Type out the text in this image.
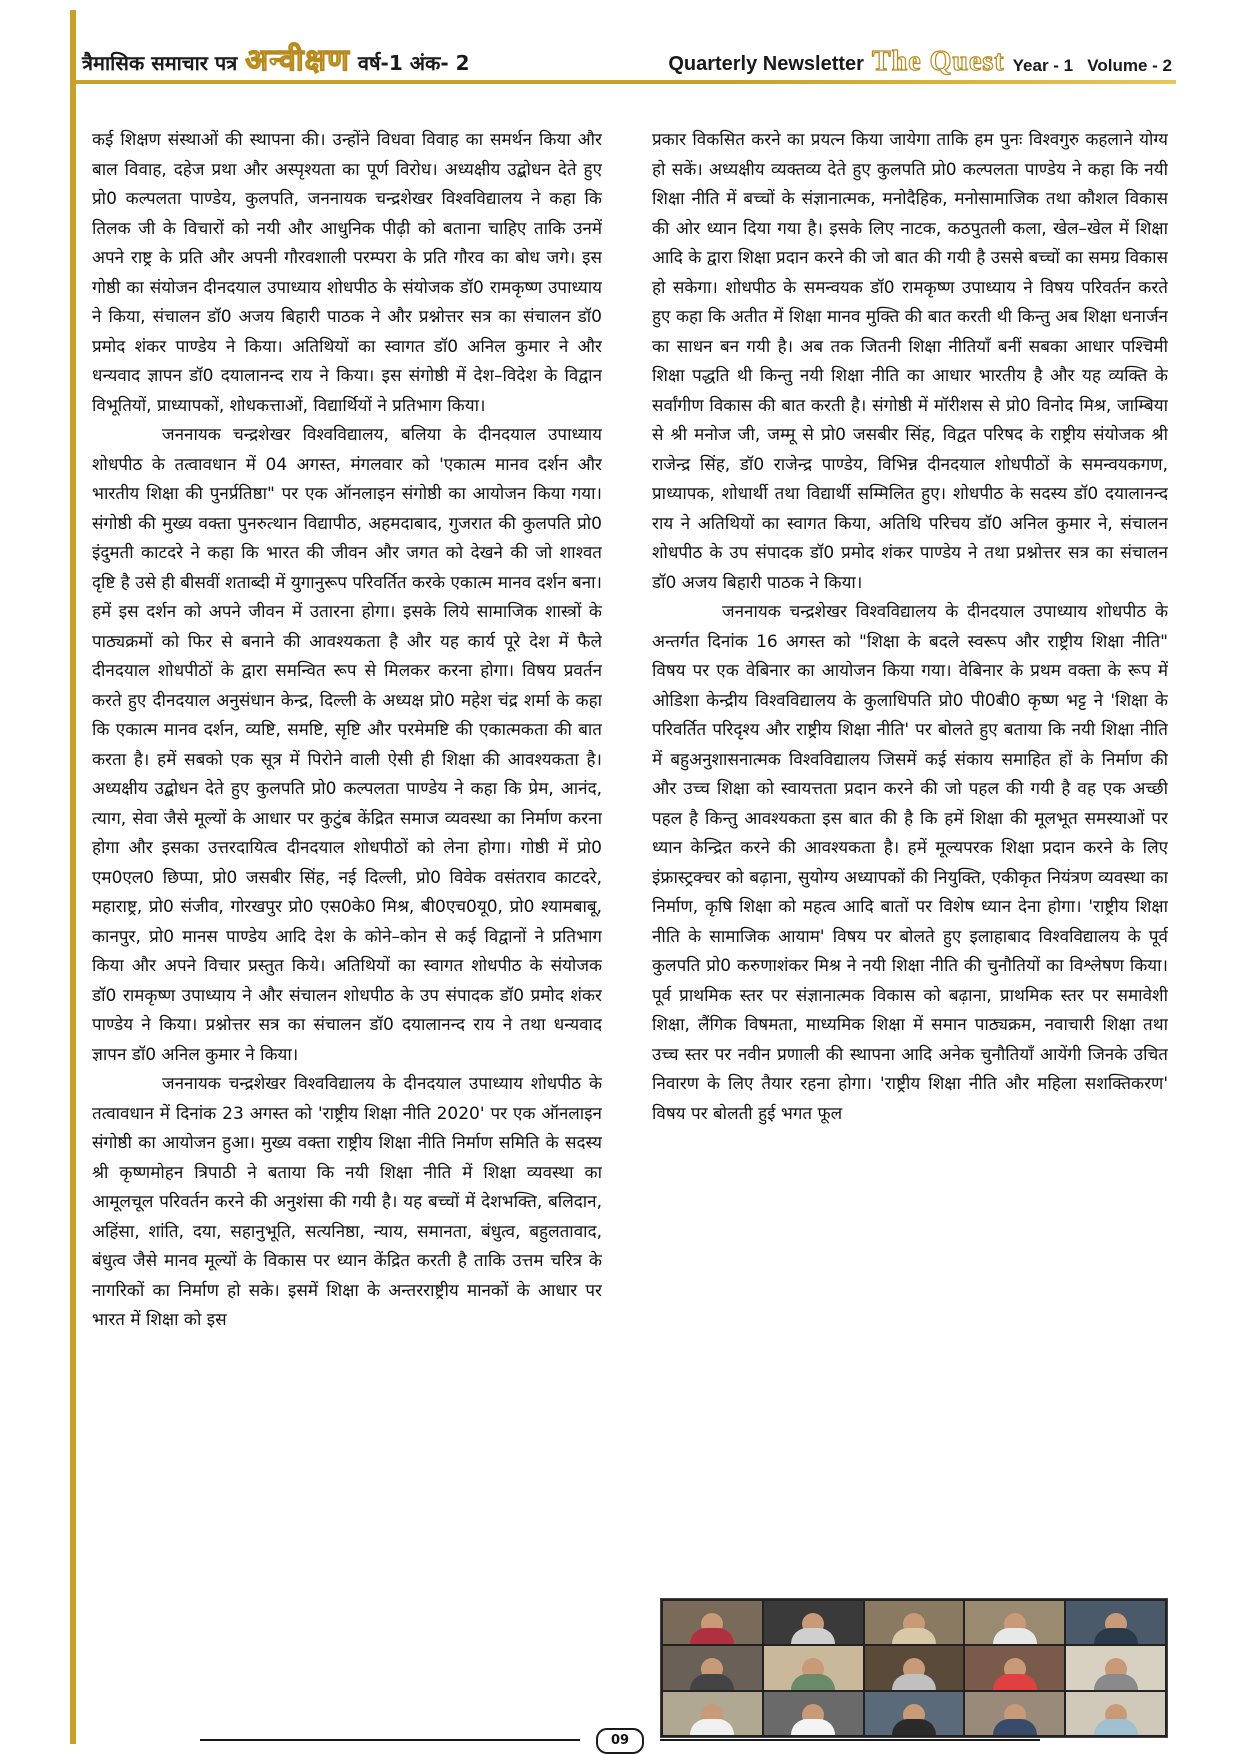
त्रैमासिक समाचार पत्र अन्वीक्षण वर्ष-1 अंक- 2	Quarterly Newsletter The Quest Year - 1   Volume - 2

कई शिक्षण संस्थाओं की स्थापना की। उन्होंने विधवा विवाह का समर्थन किया और बाल विवाह, दहेज प्रथा और अस्पृश्यता का पूर्ण विरोध। अध्यक्षीय उद्बोधन देते हुए प्रो0 कल्पलता पाण्डेय, कुलपति, जननायक चन्द्रशेखर विश्वविद्यालय ने कहा कि तिलक जी के विचारों को नयी और आधुनिक पीढ़ी को बताना चाहिए ताकि उनमें अपने राष्ट्र के प्रति और अपनी गौरवशाली परम्परा के प्रति गौरव का बोध जगे। इस गोष्ठी का संयोजन दीनदयाल उपाध्याय शोधपीठ के संयोजक डॉ0 रामकृष्ण उपाध्याय ने किया, संचालन डॉ0 अजय बिहारी पाठक ने और प्रश्नोत्तर सत्र का संचालन डॉ0 प्रमोद शंकर पाण्डेय ने किया। अतिथियों का स्वागत डॉ0 अनिल कुमार ने और धन्यवाद ज्ञापन डॉ0 दयालानन्द राय ने किया। इस संगोष्ठी में देश–विदेश के विद्वान विभूतियों, प्राध्यापकों, शोधकत्ताओं, विद्यार्थियों ने प्रतिभाग किया।

जननायक चन्द्रशेखर विश्वविद्यालय, बलिया के दीनदयाल उपाध्याय शोधपीठ के तत्वावधान में 04 अगस्त, मंगलवार को 'एकात्म मानव दर्शन और भारतीय शिक्षा की पुनर्प्रतिष्ठा" पर एक ऑनलाइन संगोष्ठी का आयोजन किया गया। संगोष्ठी की मुख्य वक्ता पुनरुत्थान विद्यापीठ, अहमदाबाद, गुजरात की कुलपति प्रो0 इंदुमती काटदरे ने कहा कि भारत की जीवन और जगत को देखने की जो शाश्वत दृष्टि है उसे ही बीसवीं शताब्दी में युगानुरूप परिवर्तित करके एकात्म मानव दर्शन बना। हमें इस दर्शन को अपने जीवन में उतारना होगा। इसके लिये सामाजिक शास्त्रों के पाठ्यक्रमों को फिर से बनाने की आवश्यकता है और यह कार्य पूरे देश में फैले दीनदयाल शोधपीठों के द्वारा समन्वित रूप से मिलकर करना होगा। विषय प्रवर्तन करते हुए दीनदयाल अनुसंधान केन्द्र, दिल्ली के अध्यक्ष प्रो0 महेश चंद्र शर्मा के कहा कि एकात्म मानव दर्शन, व्यष्टि, समष्टि, सृष्टि और परमेमष्टि की एकात्मकता की बात करता है। हमें सबको एक सूत्र में पिरोने वाली ऐसी ही शिक्षा की आवश्यकता है। अध्यक्षीय उद्बोधन देते हुए कुलपति प्रो0 कल्पलता पाण्डेय ने कहा कि प्रेम, आनंद, त्याग, सेवा जैसे मूल्यों के आधार पर कुटुंब केंद्रित समाज व्यवस्था का निर्माण करना होगा और इसका उत्तरदायित्व दीनदयाल शोधपीठों को लेना होगा। गोष्ठी में प्रो0 एम0एल0 छिप्पा, प्रो0 जसबीर सिंह, नई दिल्ली, प्रो0 विवेक वसंतराव काटदरे, महाराष्ट्र, प्रो0 संजीव, गोरखपुर प्रो0 एस0के0 मिश्र, बी0एच0यू0, प्रो0 श्यामबाबू, कानपुर, प्रो0 मानस पाण्डेय आदि देश के कोने–कोन से कई विद्वानों ने प्रतिभाग किया और अपने विचार प्रस्तुत किये। अतिथियों का स्वागत शोधपीठ के संयोजक डॉ0 रामकृष्ण उपाध्याय ने और संचालन शोधपीठ के उप संपादक डॉ0 प्रमोद शंकर पाण्डेय ने किया। प्रश्नोत्तर सत्र का संचालन डॉ0 दयालानन्द राय ने तथा धन्यवाद ज्ञापन डॉ0 अनिल कुमार ने किया।

जननायक चन्द्रशेखर विश्वविद्यालय के दीनदयाल उपाध्याय शोधपीठ के तत्वावधान में दिनांक 23 अगस्त को 'राष्ट्रीय शिक्षा नीति 2020' पर एक ऑनलाइन संगोष्ठी का आयोजन हुआ। मुख्य वक्ता राष्ट्रीय शिक्षा नीति निर्माण समिति के सदस्य श्री कृष्णमोहन त्रिपाठी ने बताया कि नयी शिक्षा नीति में शिक्षा व्यवस्था का आमूलचूल परिवर्तन करने की अनुशंसा की गयी है। यह बच्चों में देशभक्ति, बलिदान, अहिंसा, शांति, दया, सहानुभूति, सत्यनिष्ठा, न्याय, समानता, बंधुत्व, बहुलतावाद, बंधुत्व जैसे मानव मूल्यों के विकास पर ध्यान केंद्रित करती है ताकि उत्तम चरित्र के नागरिकों का निर्माण हो सके। इसमें शिक्षा के अन्तरराष्ट्रीय मानकों के आधार पर भारत में शिक्षा को इस

प्रकार विकसित करने का प्रयत्न किया जायेगा ताकि हम पुनः विश्वगुरु कहलाने योग्य हो सकें। अध्यक्षीय व्यक्तव्य देते हुए कुलपति प्रो0 कल्पलता पाण्डेय ने कहा कि नयी शिक्षा नीति में बच्चों के संज्ञानात्मक, मनोदैहिक, मनोसामाजिक तथा कौशल विकास की ओर ध्यान दिया गया है। इसके लिए नाटक, कठपुतली कला, खेल–खेल में शिक्षा आदि के द्वारा शिक्षा प्रदान करने की जो बात की गयी है उससे बच्चों का समग्र विकास हो सकेगा। शोधपीठ के समन्वयक डॉ0 रामकृष्ण उपाध्याय ने विषय परिवर्तन करते हुए कहा कि अतीत में शिक्षा मानव मुक्ति की बात करती थी किन्तु अब शिक्षा धनार्जन का साधन बन गयी है। अब तक जितनी शिक्षा नीतियाँ बनीं सबका आधार पश्चिमी शिक्षा पद्धति थी किन्तु नयी शिक्षा नीति का आधार भारतीय है और यह व्यक्ति के सर्वांगीण विकास की बात करती है। संगोष्ठी में मॉरीशस से प्रो0 विनोद मिश्र, जाम्बिया से श्री मनोज जी, जम्मू से प्रो0 जसबीर सिंह, विद्वत परिषद के राष्ट्रीय संयोजक श्री राजेन्द्र सिंह, डॉ0 राजेन्द्र पाण्डेय, विभिन्न दीनदयाल शोधपीठों के समन्वयकगण, प्राध्यापक, शोधार्थी तथा विद्यार्थी सम्मिलित हुए। शोधपीठ के सदस्य डॉ0 दयालानन्द राय ने अतिथियों का स्वागत किया, अतिथि परिचय डॉ0 अनिल कुमार ने, संचालन शोधपीठ के उप संपादक डॉ0 प्रमोद शंकर पाण्डेय ने तथा प्रश्नोत्तर सत्र का संचालन डॉ0 अजय बिहारी पाठक ने किया।

जननायक चन्द्रशेखर विश्वविद्यालय के दीनदयाल उपाध्याय शोधपीठ के अन्तर्गत दिनांक 16 अगस्त को "शिक्षा के बदले स्वरूप और राष्ट्रीय शिक्षा नीति" विषय पर एक वेबिनार का आयोजन किया गया। वेबिनार के प्रथम वक्ता के रूप में ओडिशा केन्द्रीय विश्वविद्यालय के कुलाधिपति प्रो0 पी0बी0 कृष्ण भट्ट ने 'शिक्षा के परिवर्तित परिदृश्य और राष्ट्रीय शिक्षा नीति' पर बोलते हुए बताया कि नयी शिक्षा नीति में बहुअनुशासनात्मक विश्वविद्यालय जिसमें कई संकाय समाहित हों के निर्माण की और उच्च शिक्षा को स्वायत्तता प्रदान करने की जो पहल की गयी है वह एक अच्छी पहल है किन्तु आवश्यकता इस बात की है कि हमें शिक्षा की मूलभूत समस्याओं पर ध्यान केन्द्रित करने की आवश्यकता है। हमें मूल्यपरक शिक्षा प्रदान करने के लिए इंफ्रास्ट्रक्चर को बढ़ाना, सुयोग्य अध्यापकों की नियुक्ति, एकीकृत नियंत्रण व्यवस्था का निर्माण, कृषि शिक्षा को महत्व आदि बातों पर विशेष ध्यान देना होगा। 'राष्ट्रीय शिक्षा नीति के सामाजिक आयाम' विषय पर बोलते हुए इलाहाबाद विश्वविद्यालय के पूर्व कुलपति प्रो0 करुणाशंकर मिश्र ने नयी शिक्षा नीति की चुनौतियों का विश्लेषण किया। पूर्व प्राथमिक स्तर पर संज्ञानात्मक विकास को बढ़ाना, प्राथमिक स्तर पर समावेशी शिक्षा, लैंगिक विषमता, माध्यमिक शिक्षा में समान पाठ्यक्रम, नवाचारी शिक्षा तथा उच्च स्तर पर नवीन प्रणाली की स्थापना आदि अनेक चुनौतियाँ आयेंगी जिनके उचित निवारण के लिए तैयार रहना होगा। 'राष्ट्रीय शिक्षा नीति और महिला सशक्तिकरण' विषय पर बोलती हुई भगत फूल

09
